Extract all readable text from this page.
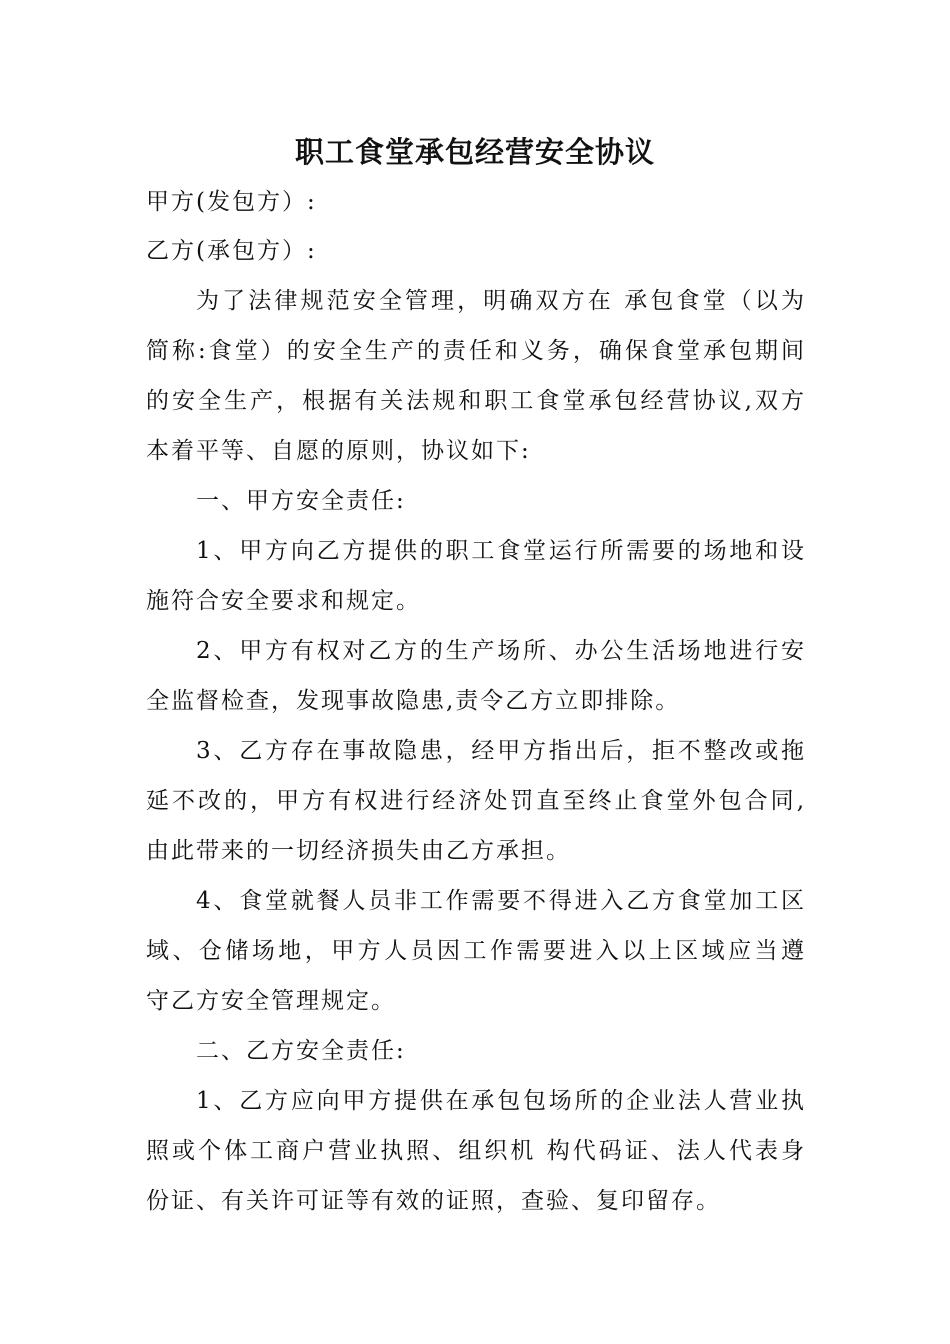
职工食堂承包经营安全协议
甲方(发包方）:
乙方(承包方）:
为了法律规范安全管理，明确双方在 承包食堂（以为
简称:食堂）的安全生产的责任和义务，确保食堂承包期间
的安全生产，根据有关法规和职工食堂承包经营协议,双方
本着平等、自愿的原则，协议如下:
一、甲方安全责任:
1、甲方向乙方提供的职工食堂运行所需要的场地和设
施符合安全要求和规定。
2、甲方有权对乙方的生产场所、办公生活场地进行安
全监督检查，发现事故隐患,责令乙方立即排除。
3、乙方存在事故隐患，经甲方指出后，拒不整改或拖
延不改的，甲方有权进行经济处罚直至终止食堂外包合同,
由此带来的一切经济损失由乙方承担。
4、食堂就餐人员非工作需要不得进入乙方食堂加工区
域、仓储场地，甲方人员因工作需要进入以上区域应当遵
守乙方安全管理规定。
二、乙方安全责任:
1、乙方应向甲方提供在承包包场所的企业法人营业执
照或个体工商户营业执照、组织机 构代码证、法人代表身
份证、有关许可证等有效的证照，查验、复印留存。
